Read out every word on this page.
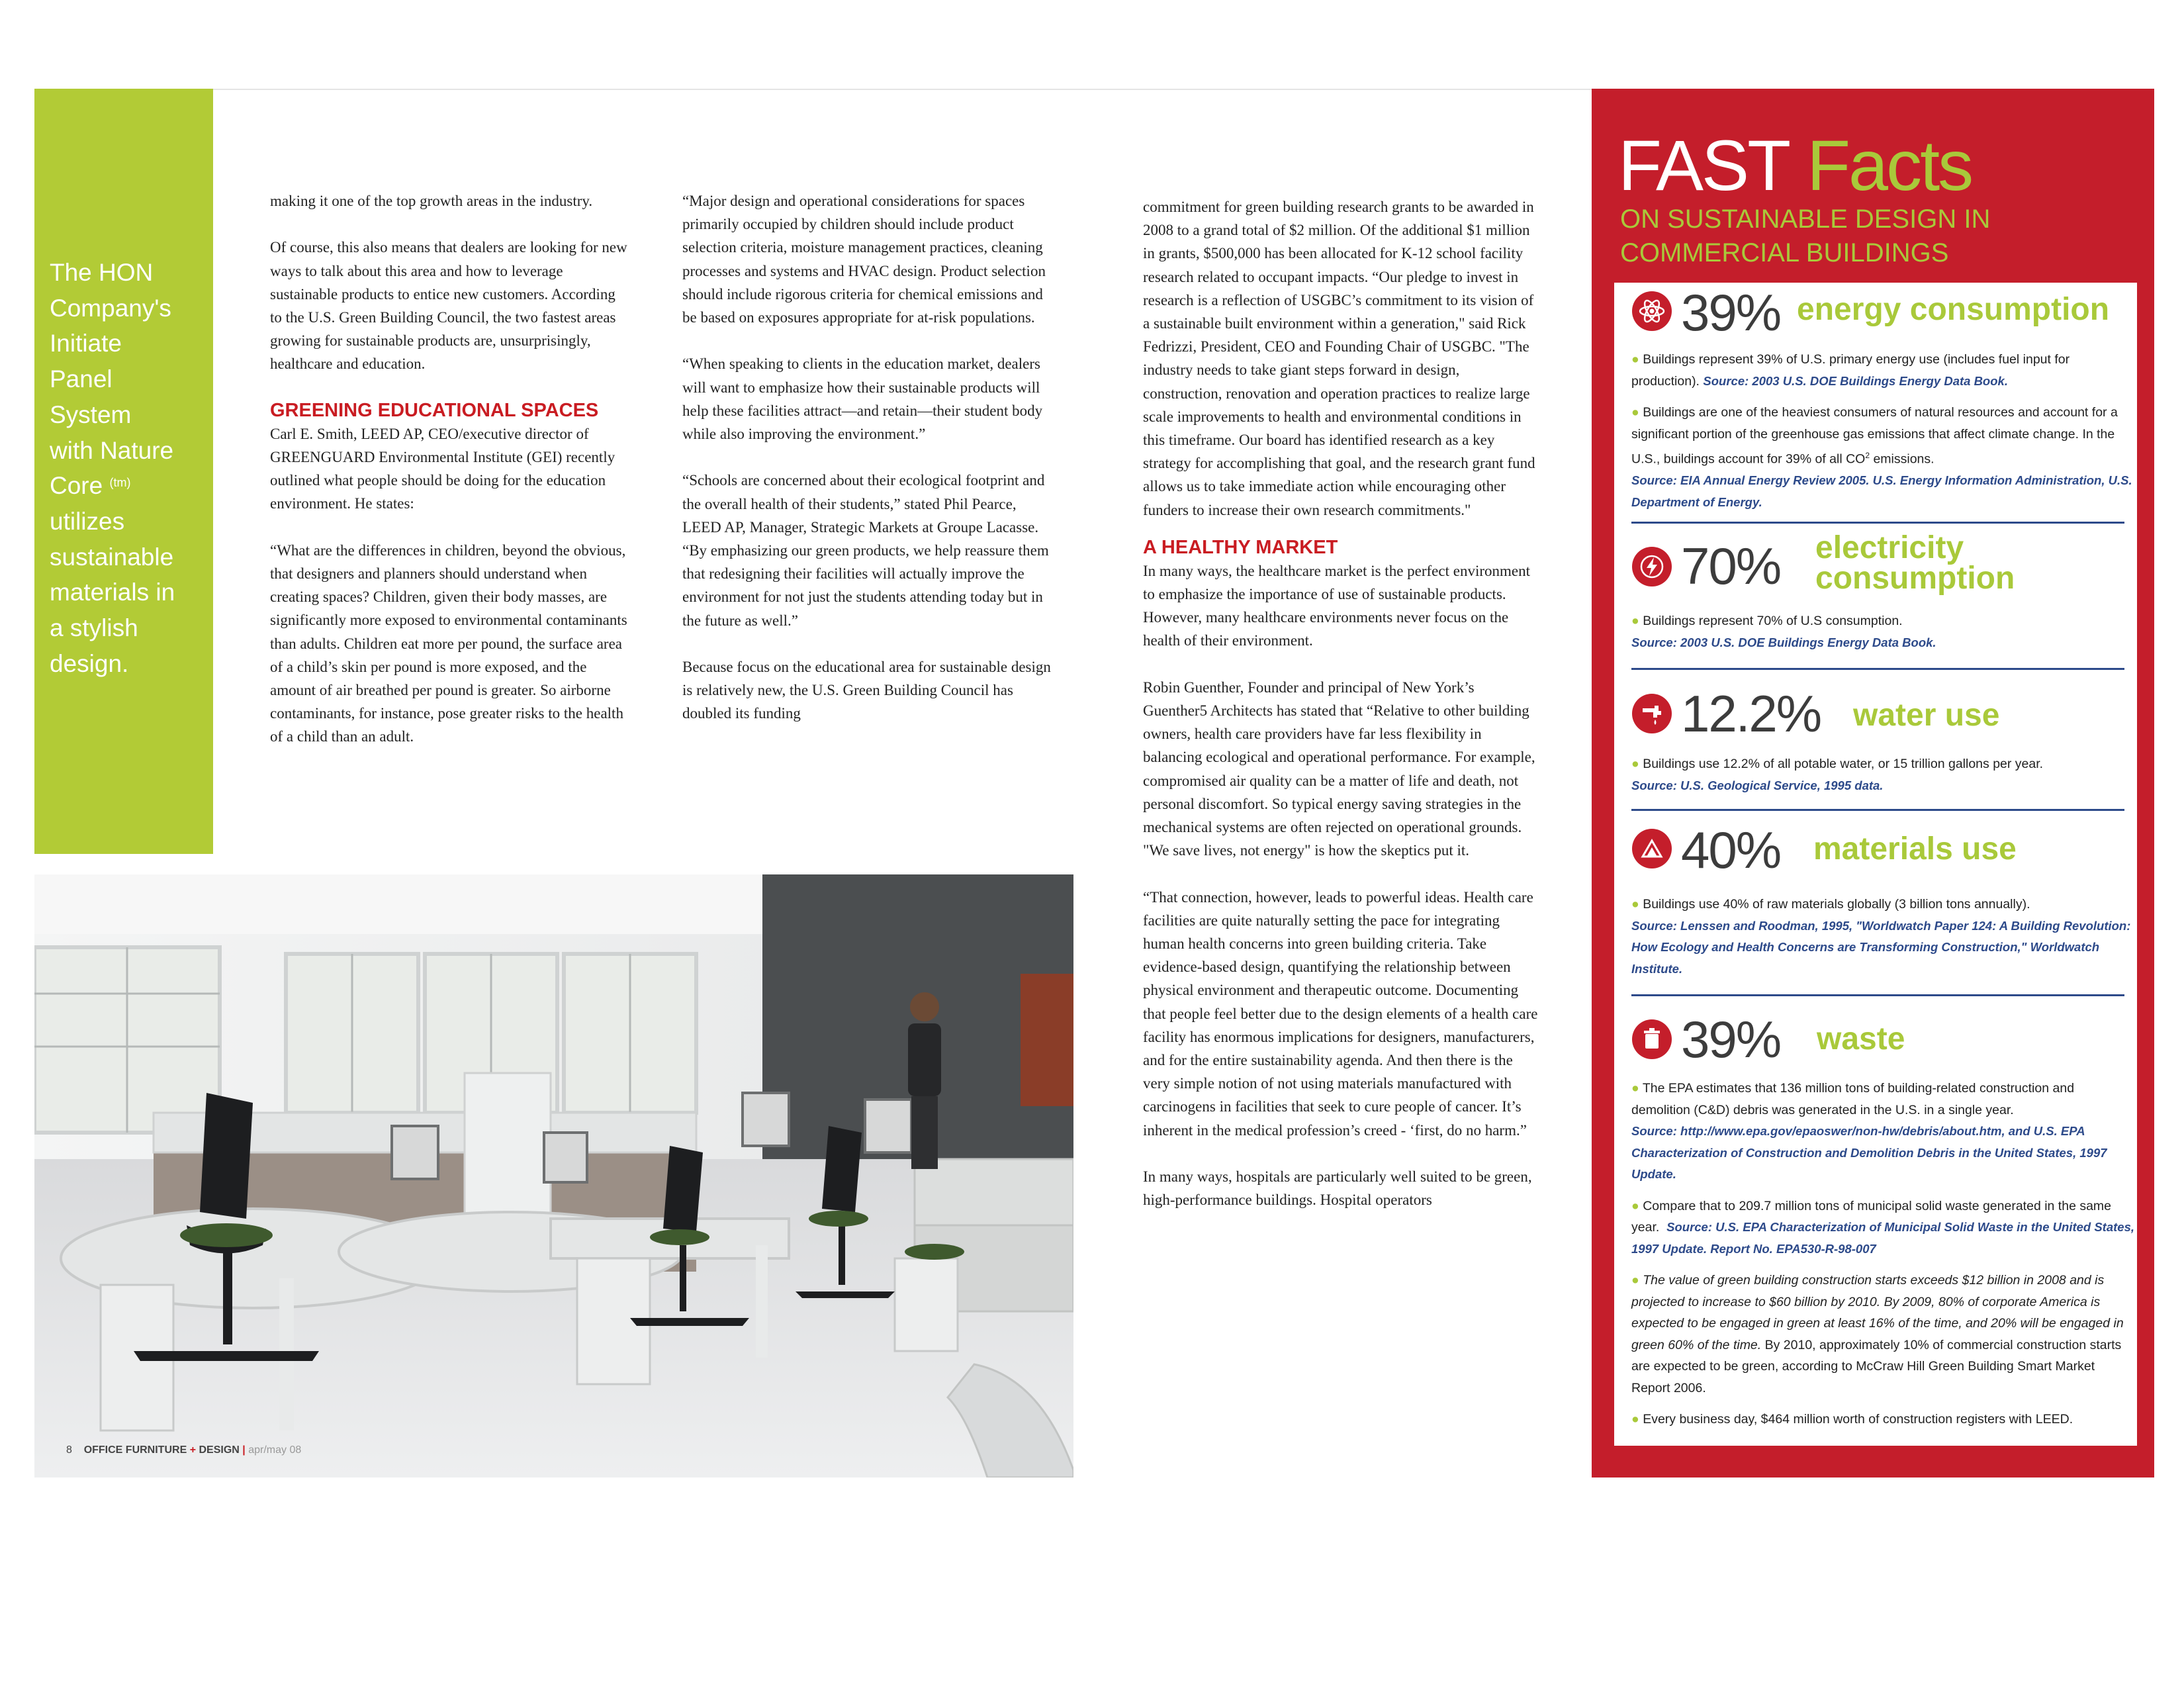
The HON
Company's
Initiate
Panel
System
with Nature
Core $^{(tm)}$
utilizes
sustainable
materials in
a stylish
design.

making it one of the top growth areas in the industry.

Of course, this also means that dealers are looking for new ways to talk about this area and how to leverage sustainable products to entice new customers. According to the U.S. Green Building Council, the two fastest areas growing for sustainable products are, unsurprisingly, healthcare and education.

GREENING EDUCATIONAL SPACES

Carl E. Smith, LEED AP, CEO/executive director of GREENGUARD Environmental Institute (GEI) recently outlined what people should be doing for the education environment. He states:

“What are the differences in children, beyond the obvious, that designers and planners should understand when creating spaces? Children, given their body masses, are significantly more exposed to environmental contaminants than adults. Children eat more per pound, the surface area of a child’s skin per pound is more exposed, and the amount of air breathed per pound is greater. So airborne contaminants, for instance, pose greater risks to the health of a child than an adult.

“Major design and operational considerations for spaces primarily occupied by children should include product selection criteria, moisture management practices, cleaning processes and systems and HVAC design. Product selection should include rigorous criteria for chemical emissions and be based on exposures appropriate for at-risk populations.

“When speaking to clients in the education market, dealers will want to emphasize how their sustainable products will help these facilities attract—and retain—their student body while also improving the environment.”

“Schools are concerned about their ecological footprint and the overall health of their students,” stated Phil Pearce, LEED AP, Manager, Strategic Markets at Groupe Lacasse. “By emphasizing our green products, we help reassure them that redesigning their facilities will actually improve the environment for not just the students attending today but in the future as well.”

Because focus on the educational area for sustainable design is relatively new, the U.S. Green Building Council has doubled its funding

commitment for green building research grants to be awarded in 2008 to a grand total of $2 million. Of the additional $1 million in grants, $500,000 has been allocated for K-12 school facility research related to occupant impacts. “Our pledge to invest in research is a reflection of USGBC’s commitment to its vision of a sustainable built environment within a generation," said Rick Fedrizzi, President, CEO and Founding Chair of USGBC. "The industry needs to take giant steps forward in design, construction, renovation and operation practices to realize large scale improvements to health and environmental conditions in this timeframe. Our board has identified research as a key strategy for accomplishing that goal, and the research grant fund allows us to take immediate action while encouraging other funders to increase their own research commitments."

A HEALTHY MARKET

In many ways, the healthcare market is the perfect environment to emphasize the importance of use of sustainable products. However, many healthcare environments never focus on the health of their environment.

Robin Guenther, Founder and principal of New York’s Guenther5 Architects has stated that “Relative to other building owners, health care providers have far less flexibility in balancing ecological and operational performance. For example, compromised air quality can be a matter of life and death, not personal discomfort. So typical energy saving strategies in the mechanical systems are often rejected on operational grounds. "We save lives, not energy" is how the skeptics put it.

“That connection, however, leads to powerful ideas. Health care facilities are quite naturally setting the pace for integrating human health concerns into green building criteria. Take evidence-based design, quantifying the relationship between physical environment and therapeutic outcome. Documenting that people feel better due to the design elements of a health care facility has enormous implications for designers, manufacturers, and for the entire sustainability agenda. And then there is the very simple notion of not using materials manufactured with carcinogens in facilities that seek to cure people of cancer. It’s inherent in the medical profession’s creed - ‘first, do no harm.”

In many ways, hospitals are particularly well suited to be green, high-performance buildings. Hospital operators

8 OFFICE FURNITURE + DESIGN | apr/may 08
FAST Facts
ON SUSTAINABLE DESIGN IN
COMMERCIAL BUILDINGS
39% energy consumption
● Buildings represent 39% of U.S. primary energy use (includes fuel input for production). Source: 2003 U.S. DOE Buildings Energy Data Book.
● Buildings are one of the heaviest consumers of natural resources and account for a significant portion of the greenhouse gas emissions that affect climate change. In the U.S., buildings account for 39% of all $CO^2$ emissions.
Source: EIA Annual Energy Review 2005. U.S. Energy Information Administration, U.S. Department of Energy.
70% electricity
consumption
● Buildings represent 70% of U.S consumption.
Source: 2003 U.S. DOE Buildings Energy Data Book.
12.2% water use
● Buildings use 12.2% of all potable water, or 15 trillion gallons per year.
Source: U.S. Geological Service, 1995 data.
40% materials use
● Buildings use 40% of raw materials globally (3 billion tons annually).
Source: Lenssen and Roodman, 1995, "Worldwatch Paper 124: A Building Revolution: How Ecology and Health Concerns are Transforming Construction," Worldwatch Institute.
39% waste
● The EPA estimates that 136 million tons of building-related construction and demolition (C&D) debris was generated in the U.S. in a single year.
Source: http://www.epa.gov/epaoswer/non-hw/debris/about.htm, and U.S. EPA Characterization of Construction and Demolition Debris in the United States, 1997 Update.
● Compare that to 209.7 million tons of municipal solid waste generated in the same year. Source: U.S. EPA Characterization of Municipal Solid Waste in the United States, 1997 Update. Report No. EPA530-R-98-007
● The value of green building construction starts exceeds $12 billion in 2008 and is projected to increase to $60 billion by 2010. By 2009, 80% of corporate America is expected to be engaged in green at least 16% of the time, and 20% will be engaged in green 60% of the time. By 2010, approximately 10% of commercial construction starts are expected to be green, according to McCraw Hill Green Building Smart Market Report 2006.
● Every business day, $464 million worth of construction registers with LEED.
